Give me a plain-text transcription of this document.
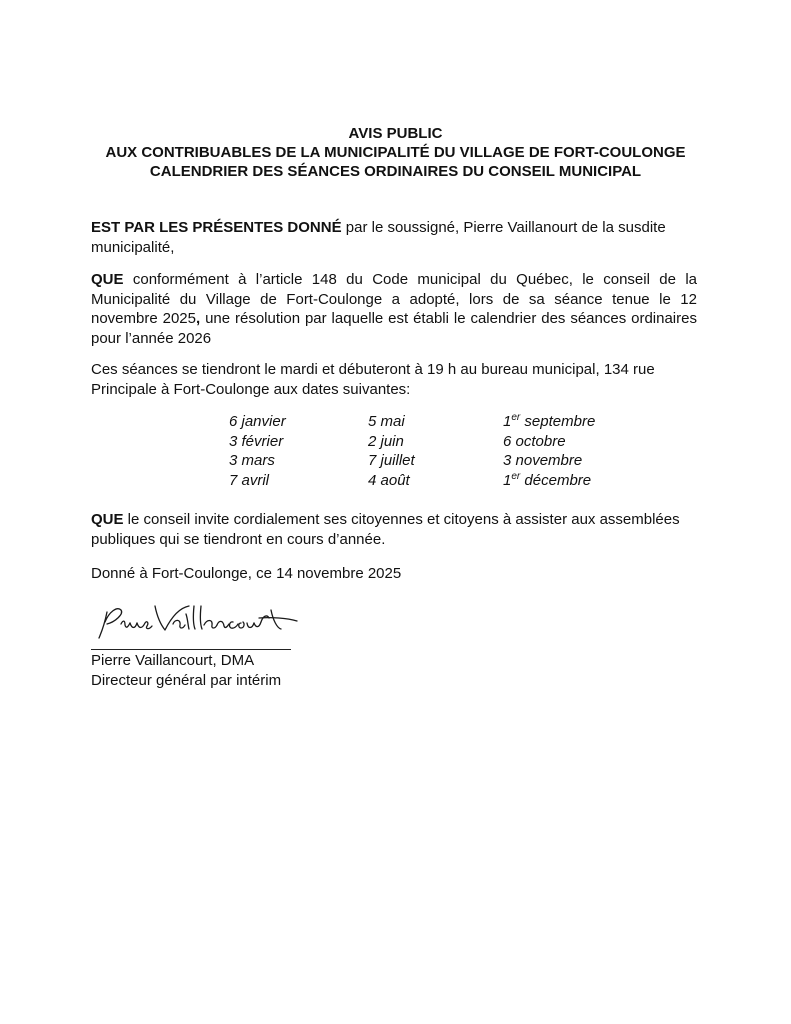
AVIS PUBLIC
AUX CONTRIBUABLES DE LA MUNICIPALITÉ DU VILLAGE DE FORT-COULONGE
CALENDRIER DES SÉANCES ORDINAIRES DU CONSEIL MUNICIPAL
EST PAR LES PRÉSENTES DONNÉ par le soussigné, Pierre Vaillanourt de la susdite municipalité,
QUE conformément à l’article 148 du Code municipal du Québec, le conseil de la Municipalité du Village de Fort-Coulonge a adopté, lors de sa séance tenue le 12 novembre 2025, une résolution par laquelle est établi le calendrier des séances ordinaires pour l’année 2026
Ces séances se tiendront le mardi et débuteront à 19 h au bureau municipal, 134 rue Principale à Fort-Coulonge aux dates suivantes:
6 janvier
3 février
3 mars
7 avril
5 mai
2 juin
7 juillet
4 août
1er septembre
6 octobre
3 novembre
1er décembre
QUE le conseil invite cordialement ses citoyennes et citoyens à assister aux assemblées publiques qui se tiendront en cours d’année.
Donné à Fort-Coulonge, ce 14 novembre 2025
Pierre Vaillancourt, DMA
Directeur général par intérim
